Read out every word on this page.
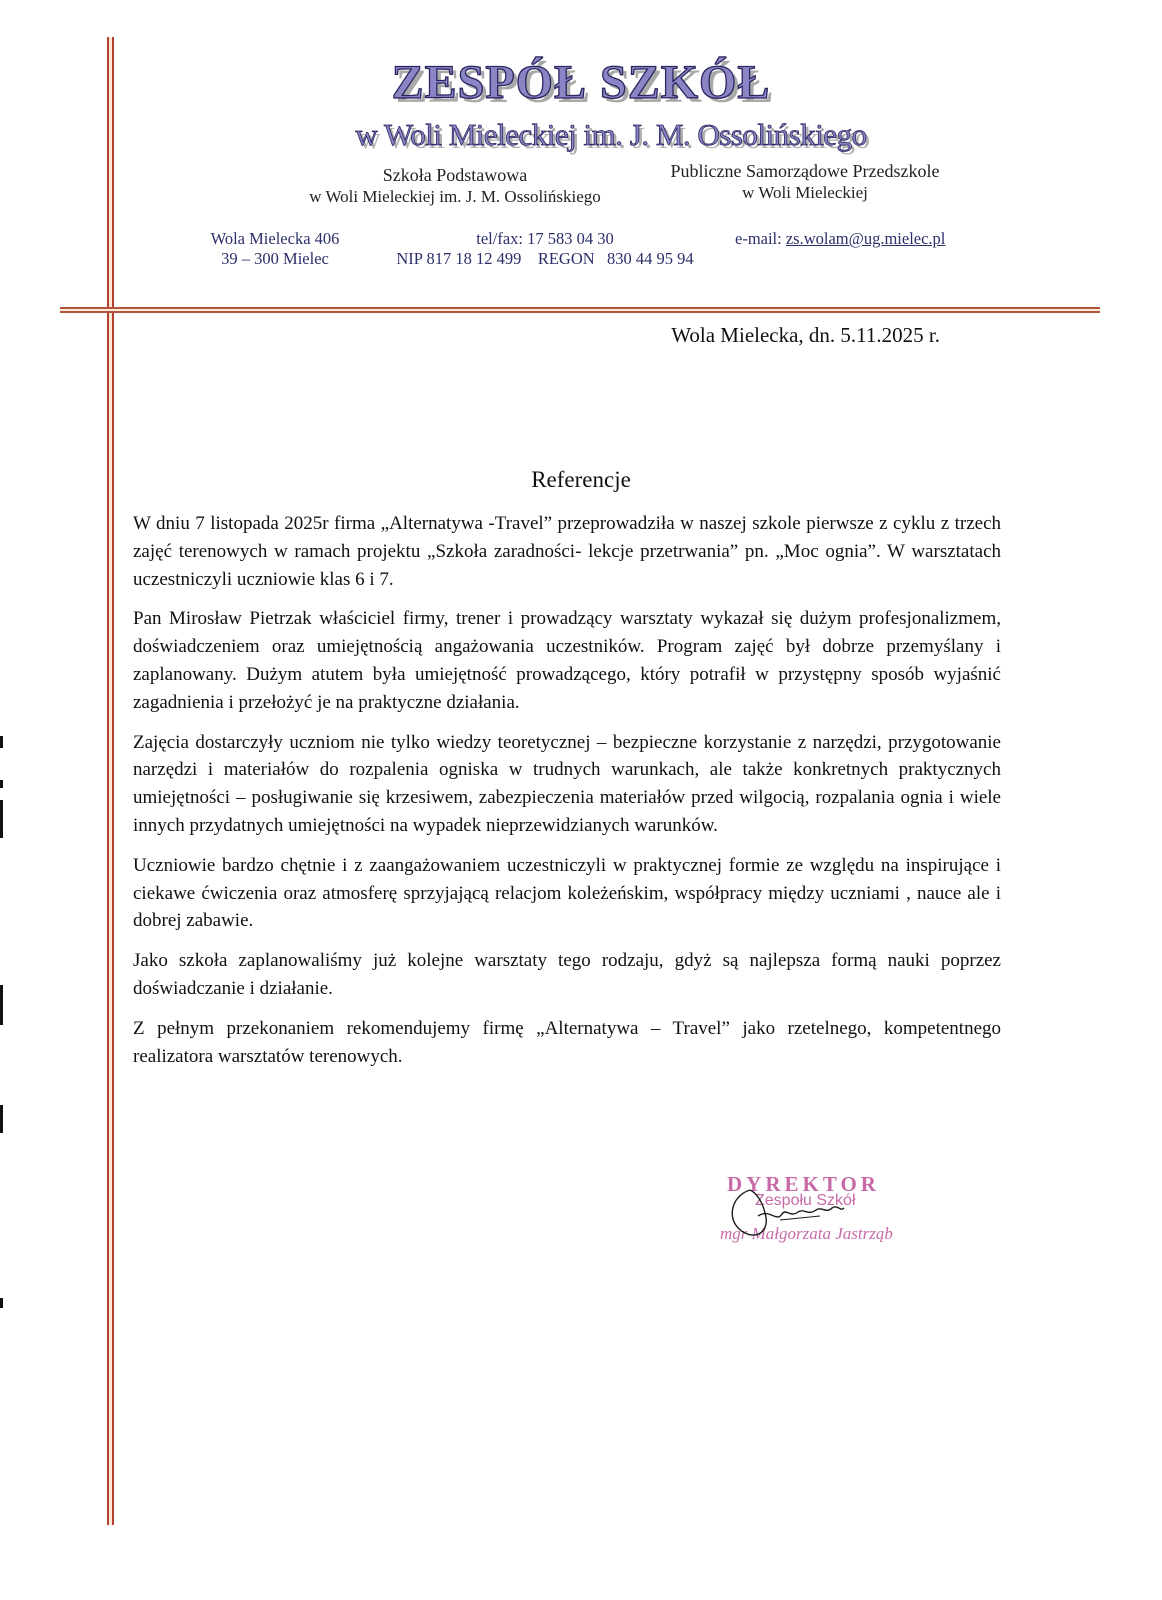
ZESPÓŁ SZKÓŁ
w Woli Mieleckiej im. J. M. Ossolińskiego
Szkoła Podstawowa
w Woli Mieleckiej im. J. M. Ossolińskiego
Publiczne Samorządowe Przedszkole
w Woli Mieleckiej
Wola Mielecka 406
39 – 300 Mielec
tel/fax: 17 583 04 30
NIP 817 18 12 499    REGON   830 44 95 94
e-mail: zs.wolam@ug.mielec.pl
Wola Mielecka, dn. 5.11.2025 r.
Referencje

W dniu 7 listopada 2025r firma „Alternatywa -Travel” przeprowadziła w naszej szkole pierwsze z cyklu z trzech zajęć terenowych w ramach projektu „Szkoła zaradności- lekcje przetrwania” pn. „Moc ognia”. W warsztatach uczestniczyli uczniowie klas 6 i 7.

Pan Mirosław Pietrzak właściciel firmy, trener i prowadzący warsztaty wykazał się dużym profesjonalizmem, doświadczeniem oraz umiejętnością angażowania uczestników. Program zajęć był dobrze przemyślany i zaplanowany. Dużym atutem była umiejętność prowadzącego, który potrafił w przystępny sposób wyjaśnić zagadnienia i przełożyć je na praktyczne działania.

Zajęcia dostarczyły uczniom nie tylko wiedzy teoretycznej – bezpieczne korzystanie z narzędzi, przygotowanie narzędzi i materiałów do rozpalenia ogniska w trudnych warunkach, ale także konkretnych praktycznych umiejętności – posługiwanie się krzesiwem, zabezpieczenia materiałów przed wilgocią, rozpalania ognia i wiele innych przydatnych umiejętności na wypadek nieprzewidzianych warunków.

Uczniowie bardzo chętnie i z zaangażowaniem uczestniczyli w praktycznej formie ze względu na inspirujące i ciekawe ćwiczenia oraz atmosferę sprzyjającą relacjom koleżeńskim, współpracy między uczniami , nauce ale i dobrej zabawie.

Jako szkoła zaplanowaliśmy już kolejne warsztaty tego rodzaju, gdyż są najlepsza formą nauki poprzez doświadczanie i działanie.

Z pełnym przekonaniem rekomendujemy firmę „Alternatywa – Travel” jako rzetelnego, kompetentnego realizatora warsztatów terenowych.

DYREKTOR
Zespołu Szkół
mgr Małgorzata Jastrząb
